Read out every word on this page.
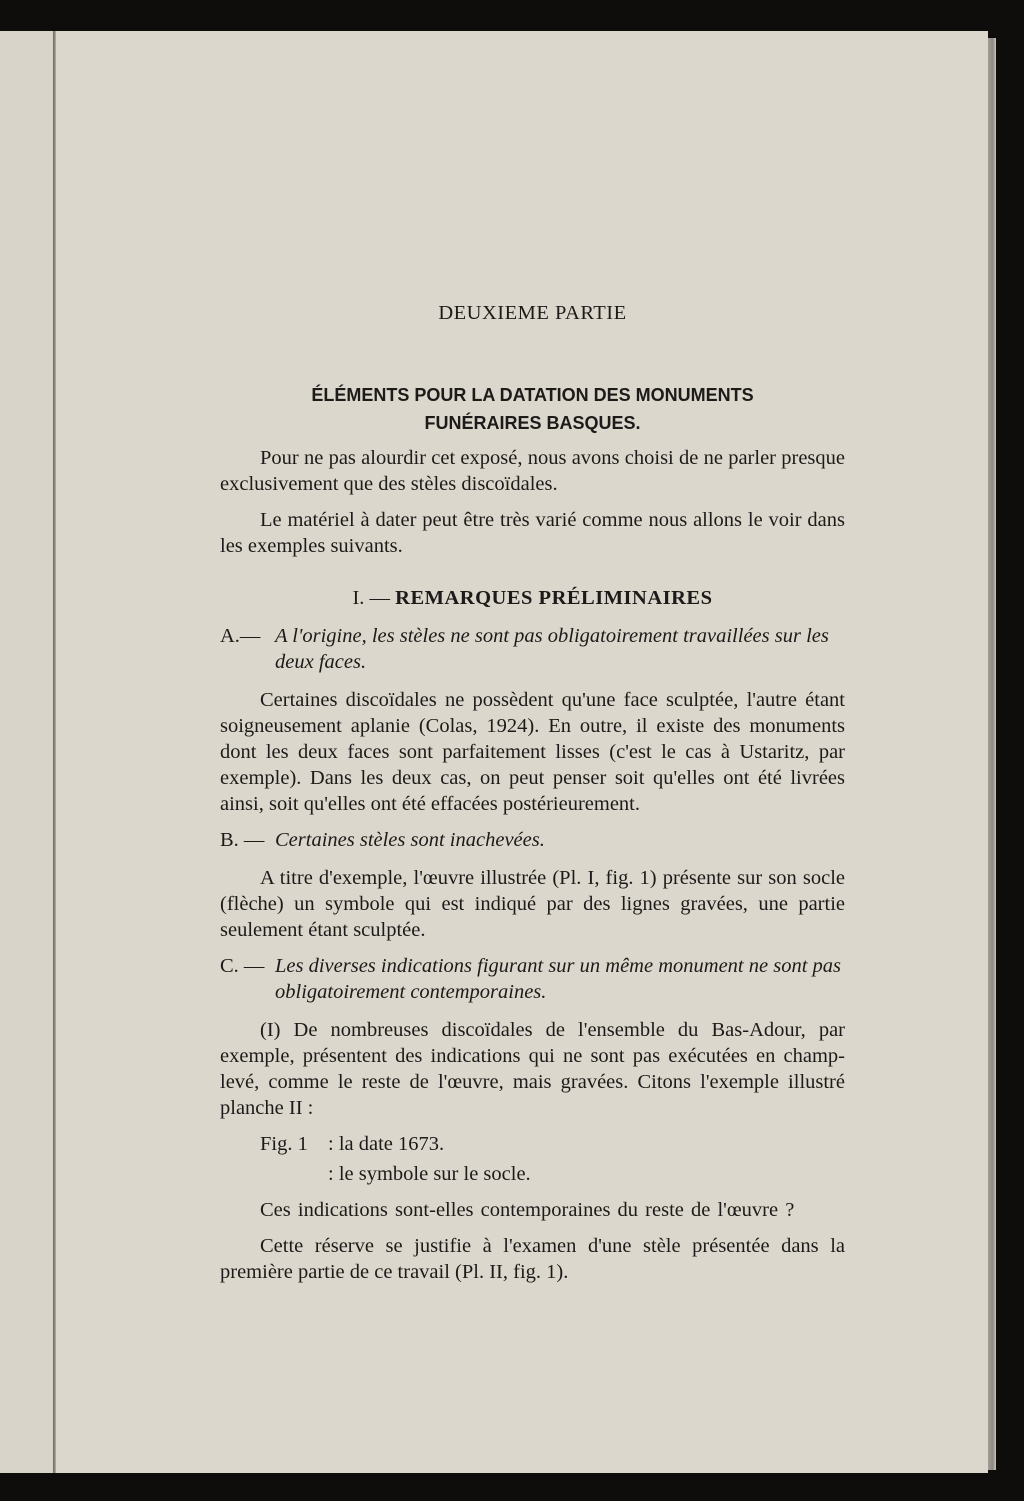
DEUXIEME PARTIE
ÉLÉMENTS POUR LA DATATION DES MONUMENTS
FUNÉRAIRES BASQUES.

Pour ne pas alourdir cet exposé, nous avons choisi de ne parler presque exclusivement que des stèles discoïdales.

Le matériel à dater peut être très varié comme nous allons le voir dans les exemples suivants.

I. — REMARQUES PRÉLIMINAIRES
A.— A l'origine, les stèles ne sont pas obligatoirement travaillées sur les deux faces.

Certaines discoïdales ne possèdent qu'une face sculptée, l'autre étant soigneusement aplanie (Colas, 1924). En outre, il existe des monuments dont les deux faces sont parfaitement lisses (c'est le cas à Ustaritz, par exemple). Dans les deux cas, on peut penser soit qu'elles ont été livrées ainsi, soit qu'elles ont été effacées postérieurement.

B. — Certaines stèles sont inachevées.

A titre d'exemple, l'œuvre illustrée (Pl. I, fig. 1) présente sur son socle (flèche) un symbole qui est indiqué par des lignes gravées, une partie seulement étant sculptée.

C. — Les diverses indications figurant sur un même monument ne sont pas obligatoirement contemporaines.

(I) De nombreuses discoïdales de l'ensemble du Bas-Adour, par exemple, présentent des indications qui ne sont pas exécutées en champ-levé, comme le reste de l'œuvre, mais gravées. Citons l'exemple illustré planche II :

Fig. 1 : la date 1673.
: le symbole sur le socle.

Ces indications sont-elles contemporaines du reste de l'œuvre ?

Cette réserve se justifie à l'examen d'une stèle présentée dans la première partie de ce travail (Pl. II, fig. 1).
